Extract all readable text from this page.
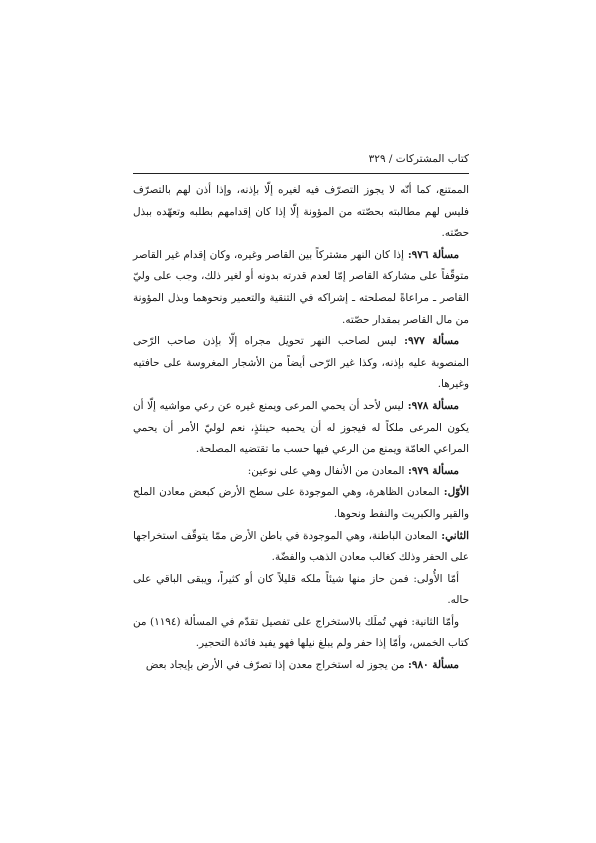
كتاب المشتركات / ٣٢٩

الممتنع، كما أنّه لا يجوز التصرّف فيه لغيره إلّا بإذنه، وإذا أذن لهم بالتصرّف فليس لهم مطالبته بحصّته من المؤونة إلّا إذا كان إقدامهم بطلبه وتعهّده ببذل حصّته.

مسألة ٩٧٦: إذا كان النهر مشتركاً بين القاصر وغيره، وكان إقدام غير القاصر متوقّفاً على مشاركة القاصر إمّا لعدم قدرته بدونه أو لغير ذلك، وجب على وليّ القاصر ـ مراعاةً لمصلحته ـ إشراكه في التنقية والتعمير ونحوهما وبذل المؤونة من مال القاصر بمقدار حصّته.

مسألة ٩٧٧: ليس لصاحب النهر تحويل مجراه إلّا بإذن صاحب الرّحى المنصوبة عليه بإذنه، وكذا غير الرّحى أيضاً من الأشجار المغروسة على حافتيه وغيرها.

مسألة ٩٧٨: ليس لأحد أن يحمي المرعى ويمنع غيره عن رعي مواشيه إلّا أن يكون المرعى ملكاً له فيجوز له أن يحميه حينئذٍ، نعم لوليّ الأمر أن يحمي المراعي العامّة ويمنع من الرعي فيها حسب ما تقتضيه المصلحة.

مسألة ٩٧٩: المعادن من الأنفال وهي على نوعين:

الأوّل: المعادن الظاهرة، وهي الموجودة على سطح الأرض كبعض معادن الملح والقير والكبريت والنفط ونحوها.

الثاني: المعادن الباطنة، وهي الموجودة في باطن الأرض ممّا يتوقّف استخراجها على الحفر وذلك كغالب معادن الذهب والفضّة.

أمّا الأُولى: فمن حاز منها شيئاً ملكه قليلاً كان أو كثيراً، ويبقى الباقي على حاله.

وأمّا الثانية: فهي تُملَك بالاستخراج على تفصيل تقدّم في المسألة (١١٩٤) من كتاب الخمس، وأمّا إذا حفر ولم يبلغ نيلها فهو يفيد فائدة التحجير.

مسألة ٩٨٠: من يجوز له استخراج معدن إذا تصرّف في الأرض بإيجاد بعض
